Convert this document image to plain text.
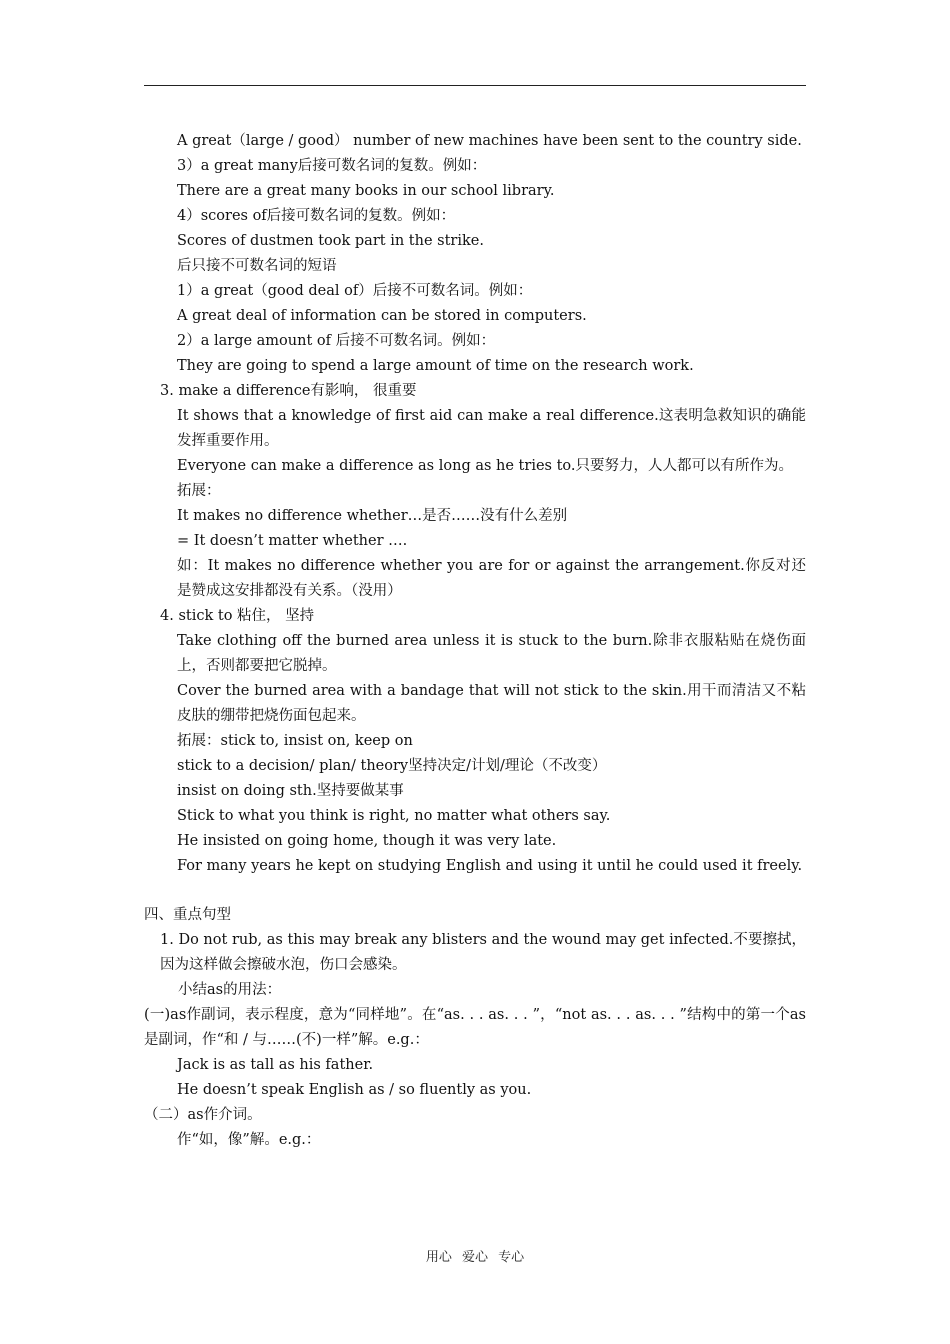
A great（large / good） number of new machines have been sent to the country side.
3）a great many后接可数名词的复数。例如：
There are a great many books in our school library.
4）scores of后接可数名词的复数。例如：
Scores of dustmen took part in the strike.
后只接不可数名词的短语
1）a great（good deal of）后接不可数名词。例如：
A great deal of information can be stored in computers.
2）a large amount of 后接不可数名词。例如：
They are going to spend a large amount of time on the research work.
3. make a difference有影响， 很重要
It shows that a knowledge of first aid can make a real difference.这表明急救知识的确能发挥重要作用。
Everyone can make a difference as long as he tries to.只要努力，人人都可以有所作为。
拓展：
It makes no difference whether…是否……没有什么差别
= It doesn’t matter whether ….
如：It makes no difference whether you are for or against the arrangement.你反对还是赞成这安排都没有关系。（没用）
4. stick to 粘住， 坚持
Take clothing off the burned area unless it is stuck to the burn.除非衣服粘贴在烧伤面上，否则都要把它脱掉。
Cover the burned area with a bandage that will not stick to the skin.用干而清洁又不粘皮肤的绷带把烧伤面包起来。
拓展：stick to, insist on, keep on
stick to a decision/ plan/ theory坚持决定/计划/理论（不改变）
insist on doing sth.坚持要做某事
Stick to what you think is right, no matter what others say.
He insisted on going home, though it was very late.
For many years he kept on studying English and using it until he could used it freely.
四、重点句型
1. Do not rub, as this may break any blisters and the wound may get infected.不要擦拭，因为这样做会擦破水泡，伤口会感染。
小结as的用法：
(一)as作副词，表示程度，意为“同样地”。在“as. . . as. . . ”，“not as. . . as. . . ”结构中的第一个as是副词，作“和 / 与……(不)一样”解。e.g.：
Jack is as tall as his father.
He doesn’t speak English as / so fluently as you.
（二）as作介词。
作“如，像”解。e.g.：
用心 爱心 专心
